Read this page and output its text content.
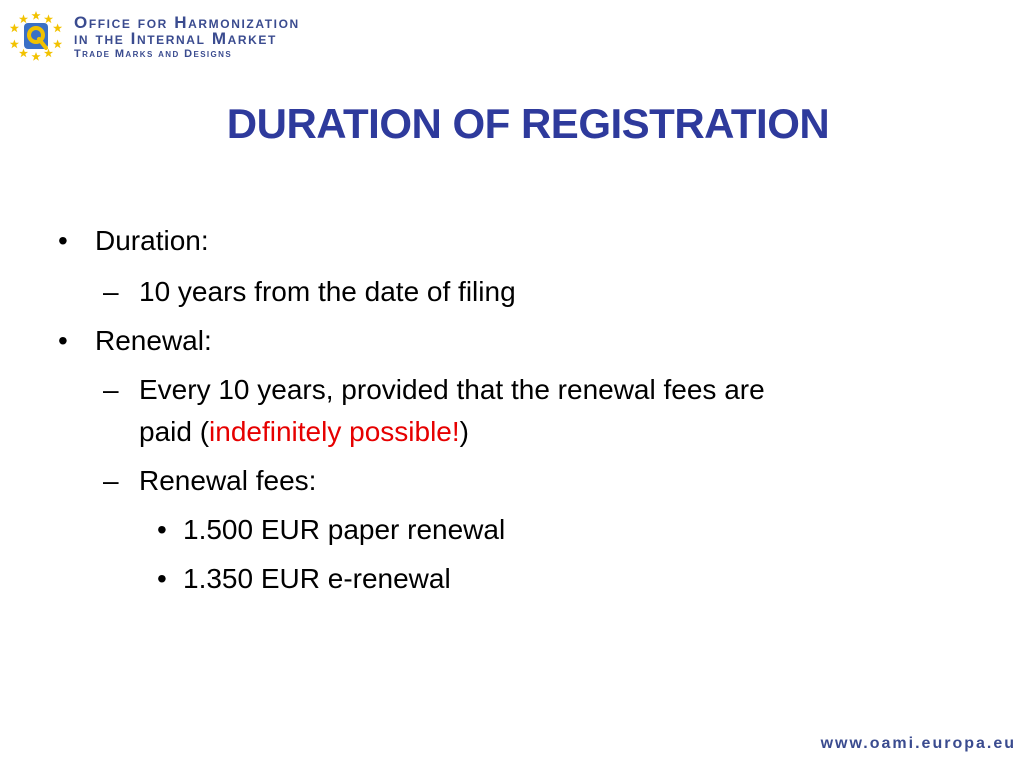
Office for Harmonization
in the Internal Market
Trade Marks and Designs
DURATION OF REGISTRATION
• Duration:
– 10 years from the date of filing
• Renewal:
– Every 10 years, provided that the renewal fees are
paid (indefinitely possible!)
– Renewal fees:
• 1.500 EUR paper renewal
• 1.350 EUR e-renewal
www.oami.europa.eu
